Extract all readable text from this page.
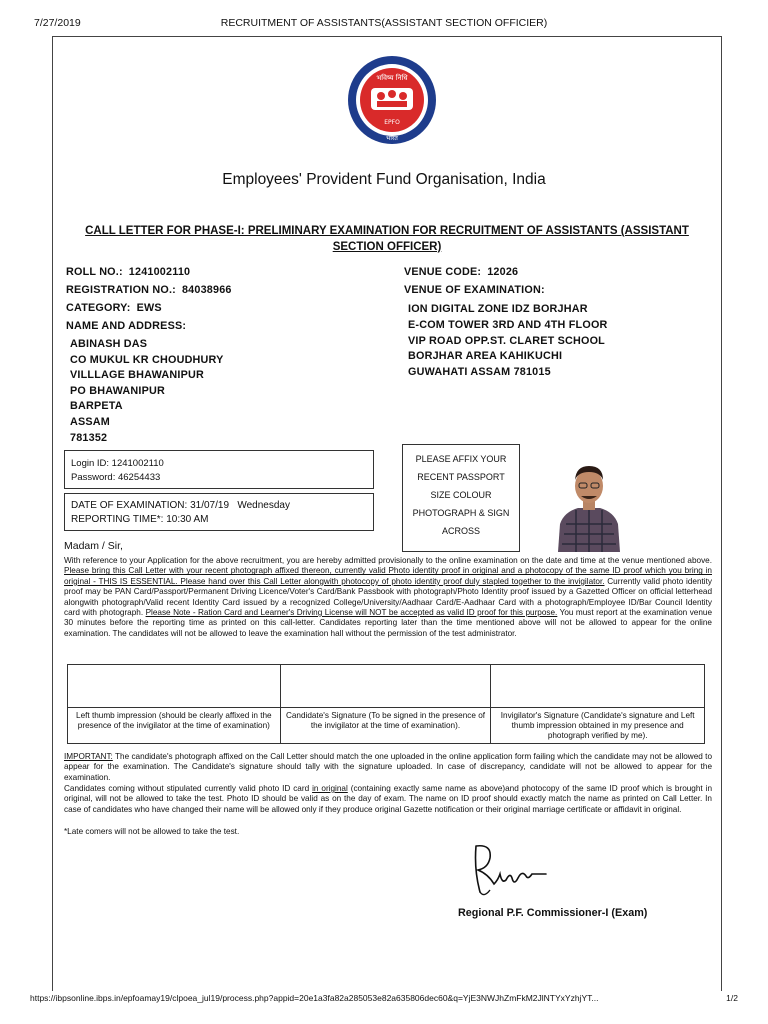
7/27/2019	RECRUITMENT OF ASSISTANTS(ASSISTANT SECTION OFFICIER)
भविष्य निधि
EPFO
भारत
Employees' Provident Fund Organisation, India
CALL LETTER FOR PHASE-I: PRELIMINARY EXAMINATION FOR RECRUITMENT OF ASSISTANTS (ASSISTANT SECTION OFFICER)
ROLL NO.: 1241002110
REGISTRATION NO.: 84038966
CATEGORY: EWS
NAME AND ADDRESS:
ABINASH DAS
CO MUKUL KR CHOUDHURY
VILLLAGE BHAWANIPUR
PO BHAWANIPUR
BARPETA
ASSAM
781352
VENUE CODE: 12026
VENUE OF EXAMINATION:
ION DIGITAL ZONE IDZ BORJHAR
E-COM TOWER 3RD AND 4TH FLOOR
VIP ROAD OPP.ST. CLARET SCHOOL
BORJHAR AREA KAHIKUCHI
GUWAHATI ASSAM 781015
Login ID: 1241002110
Password: 46254433
DATE OF EXAMINATION: 31/07/19   Wednesday
REPORTING TIME*: 10:30 AM
PLEASE AFFIX YOUR
RECENT PASSPORT
SIZE COLOUR
PHOTOGRAPH & SIGN
ACROSS
Madam / Sir,
With reference to your Application for the above recruitment, you are hereby admitted provisionally to the online examination on the date and time at the venue mentioned above. Please bring this Call Letter with your recent photograph affixed thereon, currently valid Photo identity proof in original and a photocopy of the same ID proof which you bring in original - THIS IS ESSENTIAL. Please hand over this Call Letter alongwith photocopy of photo identity proof duly stapled together to the invigilator. Currently valid photo identity proof may be PAN Card/Passport/Permanent Driving Licence/Voter's Card/Bank Passbook with photograph/Photo Identity proof issued by a Gazetted Officer on official letterhead alongwith photograph/Valid recent Identity Card issued by a recognized College/University/Aadhaar Card/E-Aadhaar Card with a photograph/Employee ID/Bar Council Identity card with photograph. Please Note - Ration Card and Learner's Driving License will NOT be accepted as valid ID proof for this purpose. You must report at the examination venue 30 minutes before the reporting time as printed on this call-letter. Candidates reporting later than the time mentioned above will not be allowed to appear for the online examination. The candidates will not be allowed to leave the examination hall without the permission of the test administrator.

Left thumb impression (should be clearly affixed in the presence of the invigilator at the time of examination)	Candidate's Signature (To be signed in the presence of the invigilator at the time of examination).	Invigilator's Signature (Candidate's signature and Left thumb impression obtained in my presence and photograph verified by me).
IMPORTANT: The candidate's photograph affixed on the Call Letter should match the one uploaded in the online application form failing which the candidate may not be allowed to appear for the examination. The Candidate's signature should tally with the signature uploaded. In case of discrepancy, candidate will not be allowed to appear for the examination.
Candidates coming without stipulated currently valid photo ID card in original (containing exactly same name as above)and photocopy of the same ID proof which is brought in original, will not be allowed to take the test. Photo ID should be valid as on the day of exam. The name on ID proof should exactly match the name as printed on Call Letter. In case of candidates who have changed their name will be allowed only if they produce original Gazette notification or their original marriage certificate or affidavit in original.
*Late comers will not be allowed to take the test.
Regional P.F. Commissioner-I (Exam)
https://ibpsonline.ibps.in/epfoamay19/clpoea_jul19/process.php?appid=20e1a3fa82a285053e82a635806dec60&q=YjE3NWJhZmFkM2JlNTYxYzhjYT...	1/2
